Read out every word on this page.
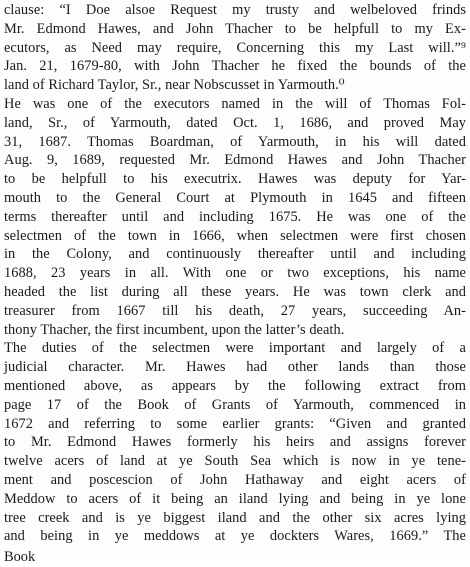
clause: “I Doe alsoe Request my trusty and welbeloved frinds
Mr. Edmond Hawes, and John Thacher to be helpfull to my Ex-
ecutors, as Need may require, Concerning this my Last will.”⁹
Jan. 21, 1679-80, with John Thacher he fixed the bounds of the
land of Richard Taylor, Sr., near Nobscusset in Yarmouth.⁰
He was one of the executors named in the will of Thomas Fol-
land, Sr., of Yarmouth, dated Oct. 1, 1686, and proved May
31, 1687. Thomas Boardman, of Yarmouth, in his will dated
Aug. 9, 1689, requested Mr. Edmond Hawes and John Thacher
to be helpfull to his executrix. Hawes was deputy for Yar-
mouth to the General Court at Plymouth in 1645 and fifteen
terms thereafter until and including 1675. He was one of the
selectmen of the town in 1666, when selectmen were first chosen
in the Colony, and continuously thereafter until and including
1688, 23 years in all. With one or two exceptions, his name
headed the list during all these years. He was town clerk and
treasurer from 1667 till his death, 27 years, succeeding An-
thony Thacher, the first incumbent, upon the latter’s death.
The duties of the selectmen were important and largely of a
judicial character. Mr. Hawes had other lands than those
mentioned above, as appears by the following extract from
page 17 of the Book of Grants of Yarmouth, commenced in
1672 and referring to some earlier grants: “Given and granted
to Mr. Edmond Hawes formerly his heirs and assigns forever
twelve acers of land at ye South Sea which is now in ye tene-
ment and poscescion of John Hathaway and eight acers of
Meddow to acers of it being an iland lying and being in ye lone
tree creek and is ye biggest iland and the other six acres lying
and being in ye meddows at ye dockters Wares, 1669.” The
Book
